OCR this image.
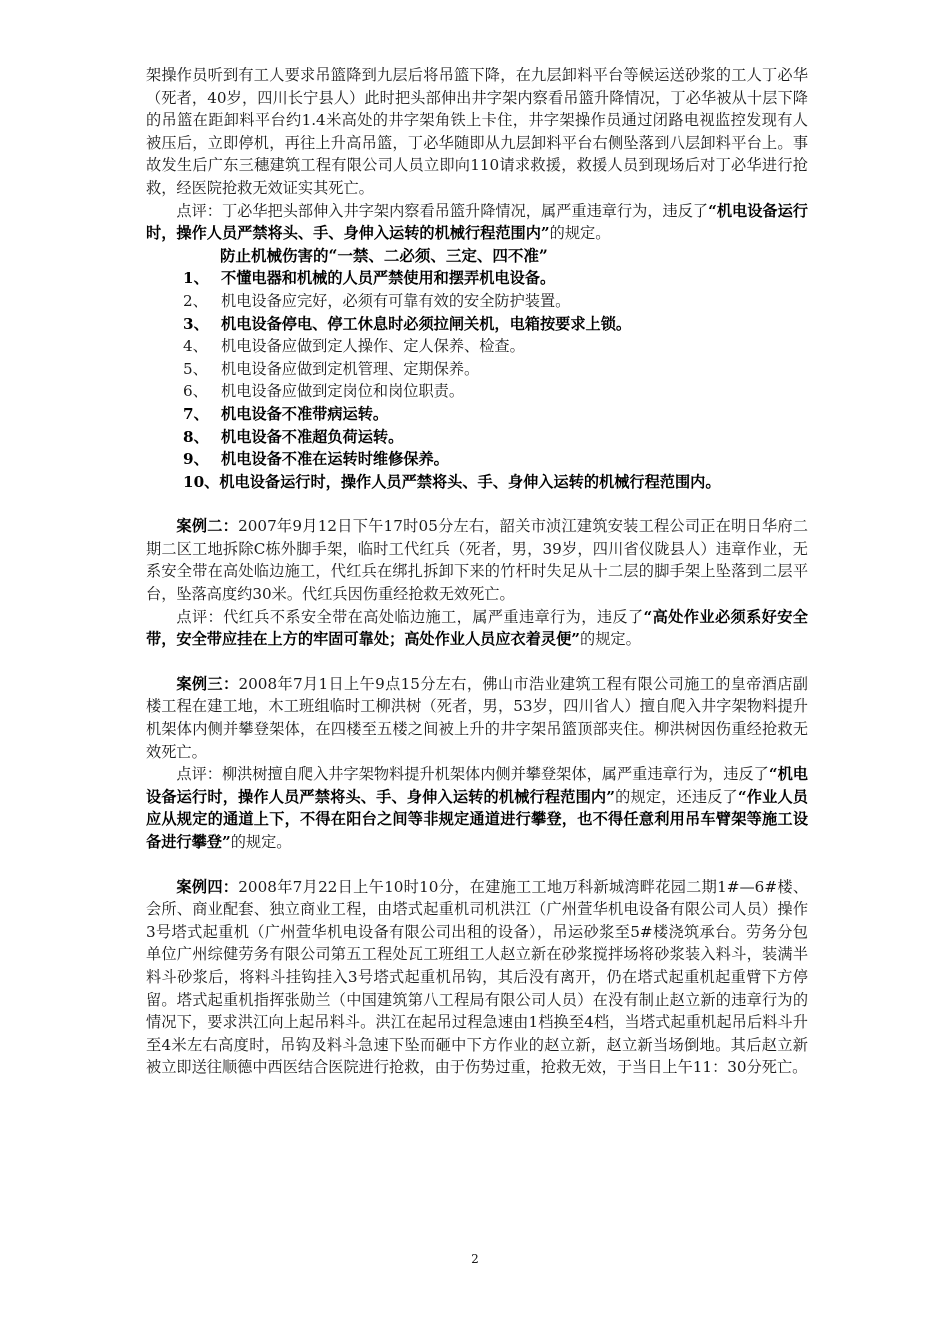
架操作员听到有工人要求吊篮降到九层后将吊篮下降，在九层卸料平台等候运送砂浆的工人丁必华（死者，40岁，四川长宁县人）此时把头部伸出井字架内察看吊篮升降情况，丁必华被从十层下降的吊篮在距卸料平台约1.4米高处的井字架角铁上卡住，井字架操作员通过闭路电视监控发现有人被压后，立即停机，再往上升高吊篮，丁必华随即从九层卸料平台右侧坠落到八层卸料平台上。事故发生后广东三穗建筑工程有限公司人员立即向110请求救援，救援人员到现场后对丁必华进行抢救，经医院抢救无效证实其死亡。

点评：丁必华把头部伸入井字架内察看吊篮升降情况，属严重违章行为，违反了“机电设备运行时，操作人员严禁将头、手、身伸入运转的机械行程范围内”的规定。

防止机械伤害的“一禁、二必须、三定、四不准”

1、 不懂电器和机械的人员严禁使用和摆弄机电设备。

2、 机电设备应完好，必须有可靠有效的安全防护装置。

3、 机电设备停电、停工休息时必须拉闸关机，电箱按要求上锁。

4、 机电设备应做到定人操作、定人保养、检查。

5、 机电设备应做到定机管理、定期保养。

6、 机电设备应做到定岗位和岗位职责。

7、 机电设备不准带病运转。

8、 机电设备不准超负荷运转。

9、 机电设备不准在运转时维修保养。

10、机电设备运行时，操作人员严禁将头、手、身伸入运转的机械行程范围内。

案例二：2007年9月12日下午17时05分左右，韶关市浈江建筑安装工程公司正在明日华府二期二区工地拆除C栋外脚手架，临时工代红兵（死者，男，39岁，四川省仪陇县人）违章作业，无系安全带在高处临边施工，代红兵在绑扎拆卸下来的竹杆时失足从十二层的脚手架上坠落到二层平台，坠落高度约30米。代红兵因伤重经抢救无效死亡。

点评：代红兵不系安全带在高处临边施工，属严重违章行为，违反了“高处作业必须系好安全带，安全带应挂在上方的牢固可靠处；高处作业人员应衣着灵便”的规定。

案例三：2008年7月1日上午9点15分左右，佛山市浩业建筑工程有限公司施工的皇帝酒店副楼工程在建工地，木工班组临时工柳洪树（死者，男，53岁，四川省人）擅自爬入井字架物料提升机架体内侧并攀登架体，在四楼至五楼之间被上升的井字架吊篮顶部夹住。柳洪树因伤重经抢救无效死亡。

点评：柳洪树擅自爬入井字架物料提升机架体内侧并攀登架体，属严重违章行为，违反了“机电设备运行时，操作人员严禁将头、手、身伸入运转的机械行程范围内”的规定，还违反了“作业人员应从规定的通道上下，不得在阳台之间等非规定通道进行攀登，也不得任意利用吊车臂架等施工设备进行攀登”的规定。

案例四：2008年7月22日上午10时10分，在建施工工地万科新城湾畔花园二期1#—6#楼、会所、商业配套、独立商业工程，由塔式起重机司机洪江（广州萱华机电设备有限公司人员）操作3号塔式起重机（广州萱华机电设备有限公司出租的设备），吊运砂浆至5#楼浇筑承台。劳务分包单位广州综健劳务有限公司第五工程处瓦工班组工人赵立新在砂浆搅拌场将砂浆装入料斗，装满半料斗砂浆后，将料斗挂钩挂入3号塔式起重机吊钩，其后没有离开，仍在塔式起重机起重臂下方停留。塔式起重机指挥张勋兰（中国建筑第八工程局有限公司人员）在没有制止赵立新的违章行为的情况下，要求洪江向上起吊料斗。洪江在起吊过程急速由1档换至4档，当塔式起重机起吊后料斗升至4米左右高度时，吊钩及料斗急速下坠而砸中下方作业的赵立新，赵立新当场倒地。其后赵立新被立即送往顺德中西医结合医院进行抢救，由于伤势过重，抢救无效，于当日上午11：30分死亡。

2
